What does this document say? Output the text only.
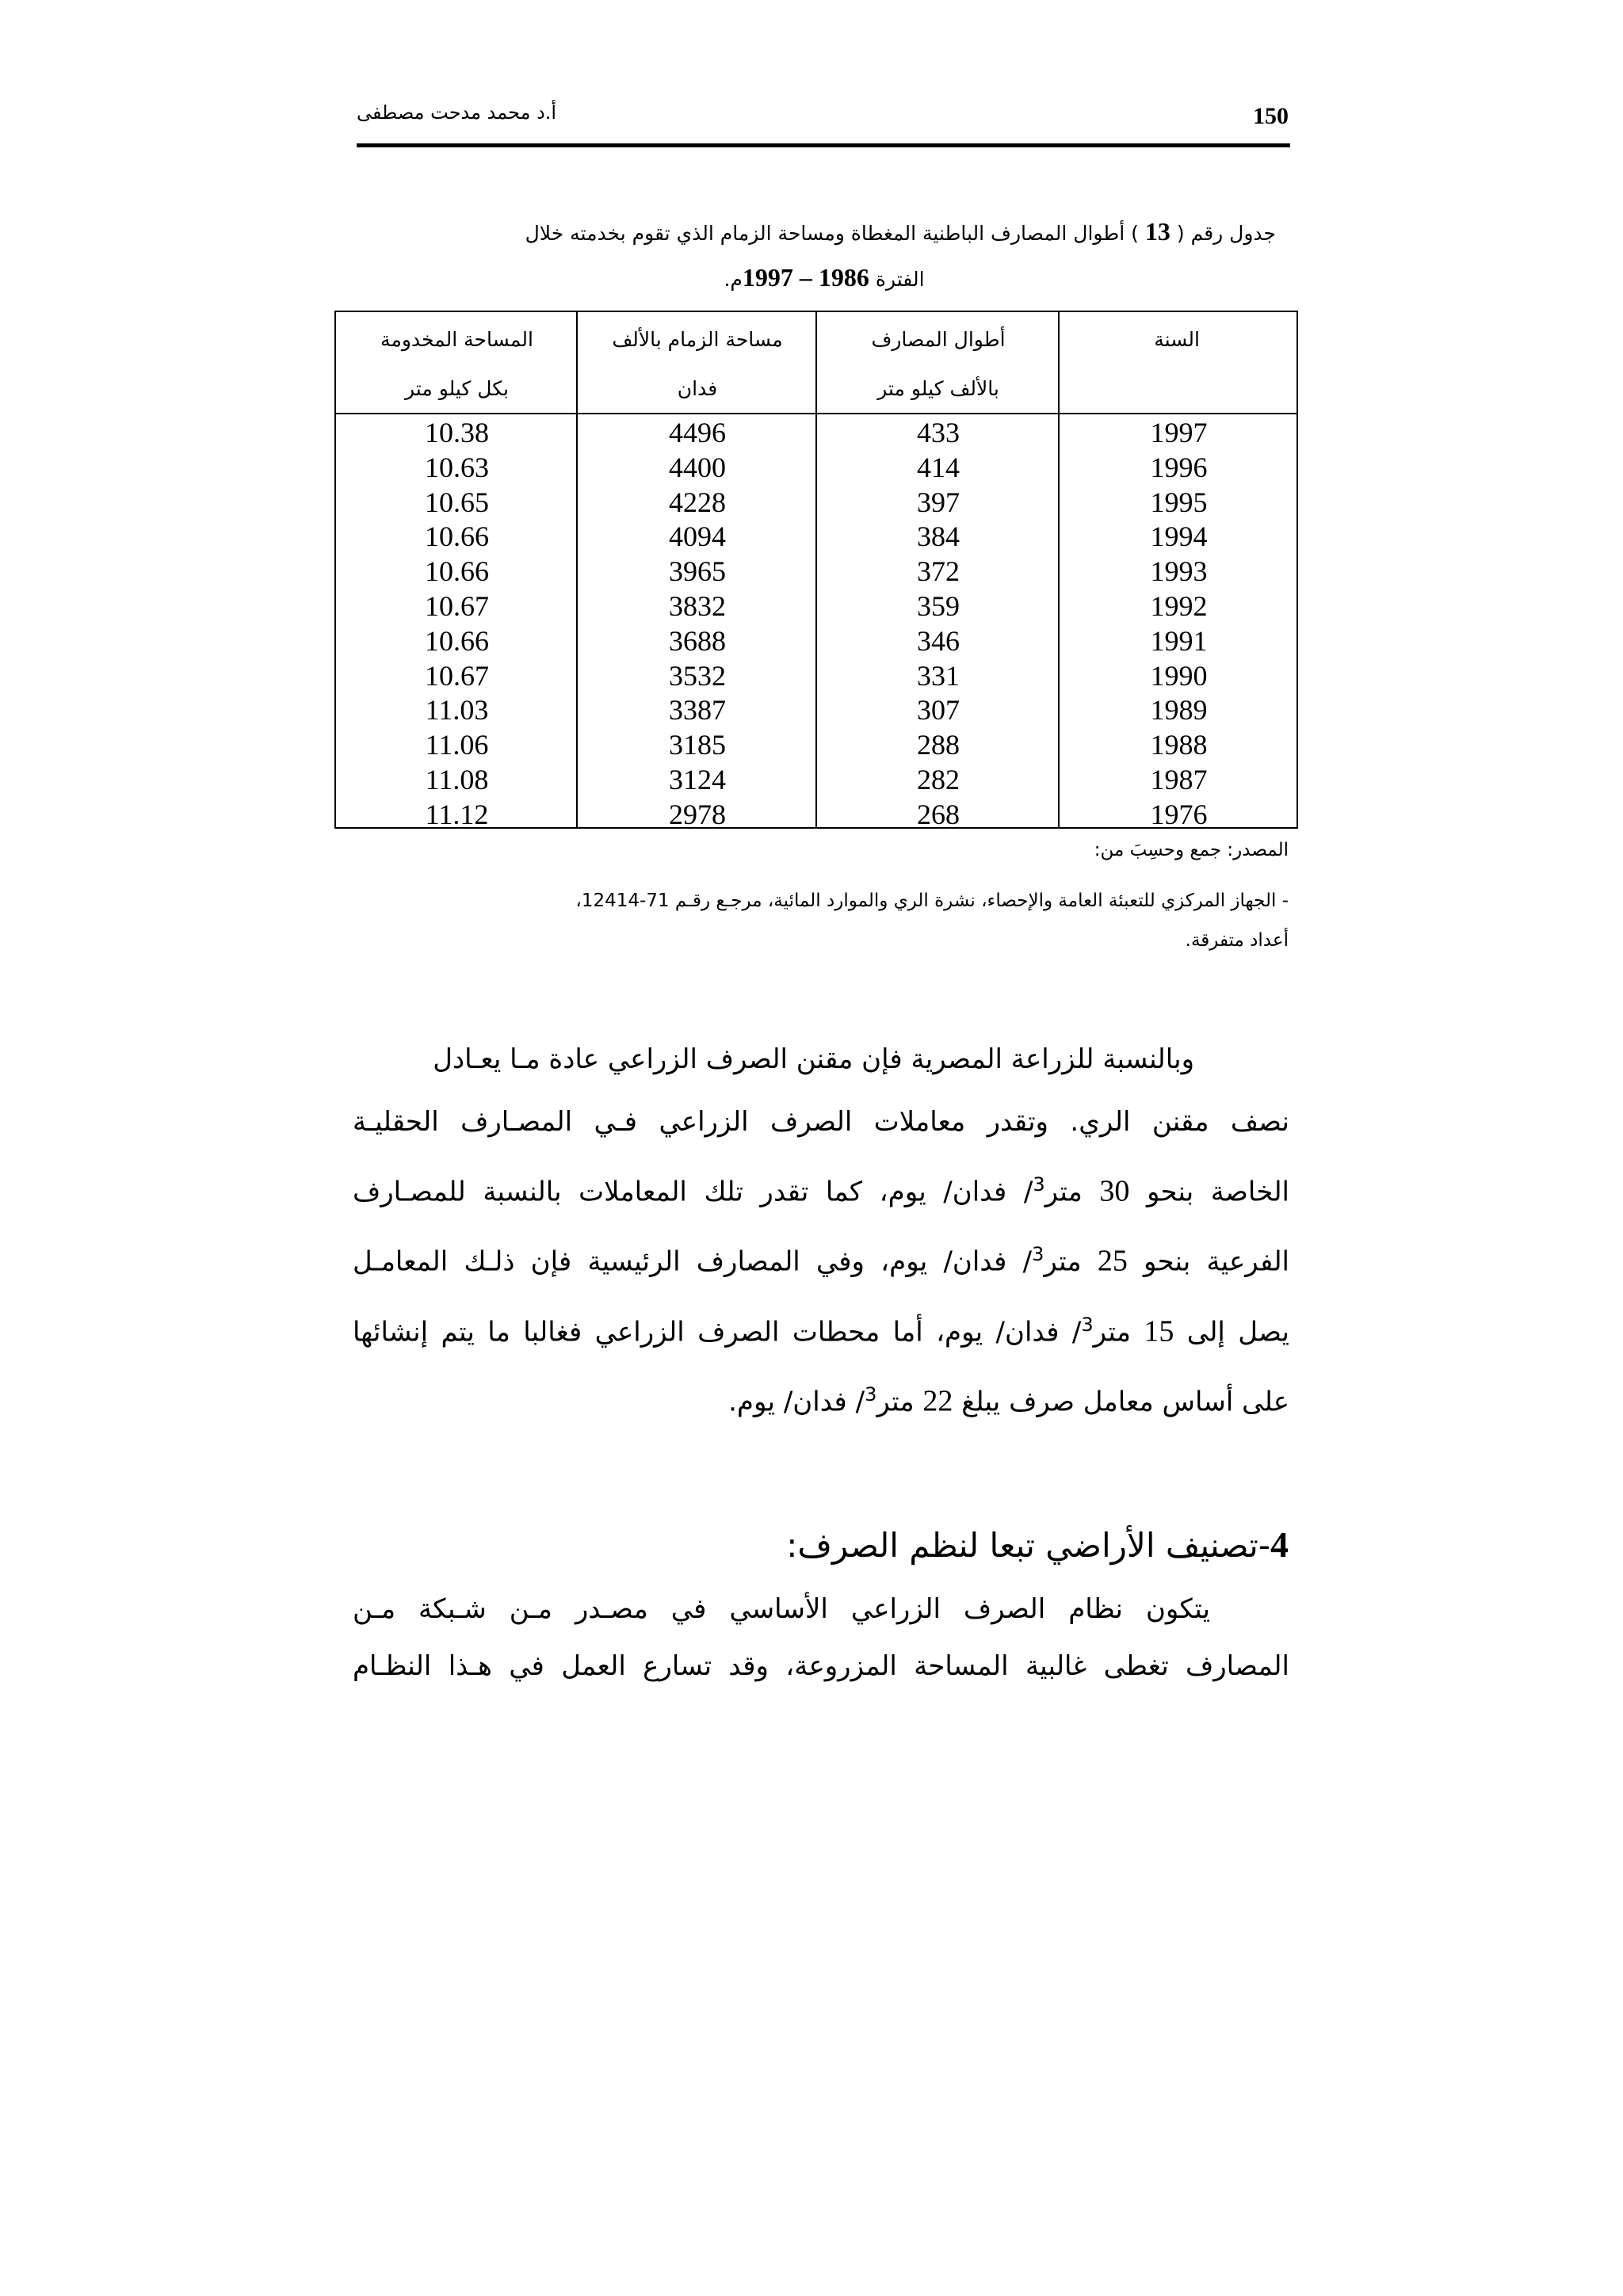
أ.د محمد مدحت مصطفى	150
جدول رقم ( 13 ) أطوال المصارف الباطنية المغطاة ومساحة الزمام الذي تقوم بخدمته خلال
الفترة 1986 – 1997م.
السنة
أطوال المصارف
بالألف كيلو متر
مساحة الزمام بالألف
فدان
المساحة المخدومة
بكل كيلو متر
1997
433
4496
10.38
1996
414
4400
10.63
1995
397
4228
10.65
1994
384
4094
10.66
1993
372
3965
10.66
1992
359
3832
10.67
1991
346
3688
10.66
1990
331
3532
10.67
1989
307
3387
11.03
1988
288
3185
11.06
1987
282
3124
11.08
1976
268
2978
11.12
المصدر: جمع وحسِبَ من:
- الجهاز المركزي للتعبئة العامة والإحصاء، نشرة الري والموارد المائية، مرجـع رقـم 71-12414،
أعداد متفرقة.
وبالنسبة للزراعة المصرية فإن مقنن الصرف الزراعي عادة مـا يعـادل
نصف مقنن الري. وتقدر معاملات الصرف الزراعي فـي المصـارف الحقليـة
الخاصة بنحو 30 متر$^3$/ فدان/ يوم، كما تقدر تلك المعاملات بالنسبة للمصـارف
الفرعية بنحو 25 متر$^3$/ فدان/ يوم، وفي المصارف الرئيسية فإن ذلـك المعامـل
يصل إلى 15 متر$^3$/ فدان/ يوم، أما محطات الصرف الزراعي فغالبا ما يتم إنشائها
على أساس معامل صرف يبلغ 22 متر$^3$/ فدان/ يوم.
4-تصنيف الأراضي تبعا لنظم الصرف:
يتكون نظام الصرف الزراعي الأساسي في مصـدر مـن شـبكة مـن
المصارف تغطى غالبية المساحة المزروعة، وقد تسارع العمل في هـذا النظـام
